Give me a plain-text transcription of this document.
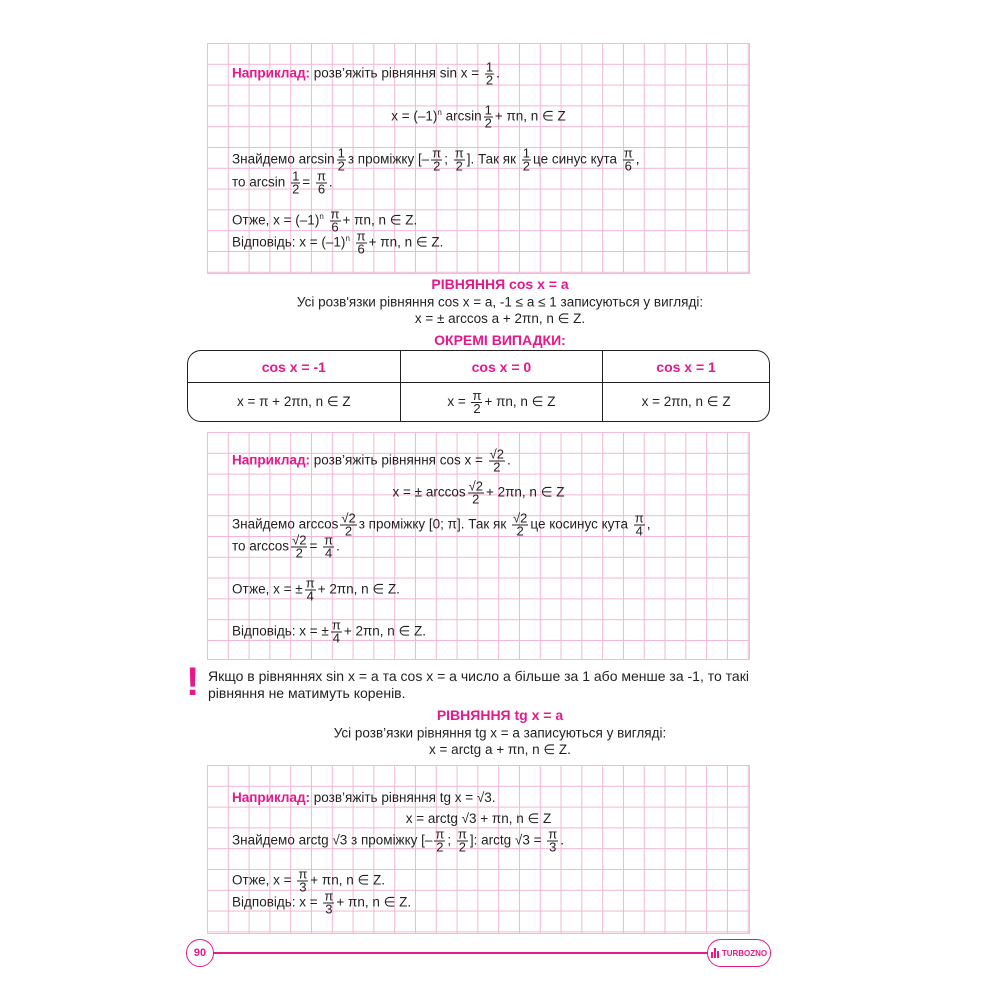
Наприклад: розв’яжіть рівняння $\sin x = \frac{1}{2}$ .
$x = (-1)^n$ $\arcsin \frac{1}{2} + \pi n$, n ∈ Z
Знайдемо $\arcsin \frac{1}{2}$ з проміжку [– $\frac{\pi}{2}$ ; $\frac{\pi}{2}$ ]. Так як $\frac{1}{2}$ це синус кута $\frac{\pi}{6}$ ,
то $\arcsin \frac{1}{2} = \frac{\pi}{6}$ .
Отже, $x = (-1)^n \frac{\pi}{6} + \pi n$, n ∈ Z.
Відповідь: $x = (-1)^n \frac{\pi}{6} + \pi n$, n ∈ Z.
РІВНЯННЯ cos x = a
Усі розв'язки рівняння cos x = a, -1 ≤ a ≤ 1 записуються у вигляді:
x = ± arccos a + 2πn, n ∈ Z.
ОКРЕМІ ВИПАДКИ:
cos x = -1	cos x = 0	cos x = 1
x = π + 2πn, n ∈ Z	$x = \frac{\pi}{2} + \pi n$, n ∈ Z	x = 2πn, n ∈ Z
Наприклад: розв’яжіть рівняння $\cos x = \frac{√2}{2}$ .
x = ± $\arccos \frac{√2}{2} + 2\pi n$, n ∈ Z
Знайдемо $\arccos \frac{√2}{2}$ з проміжку [0; π]. Так як $\frac{√2}{2}$ це косинус кута $\frac{\pi}{4}$ ,
то $\arccos \frac{√2}{2} = \frac{\pi}{4}$ .
Отже, x = ± $\frac{\pi}{4} + 2\pi n$, n ∈ Z.
Відповідь: x = ± $\frac{\pi}{4} + 2\pi n$, n ∈ Z.
! Якщо в рівняннях sin x = a та cos x = a число a більше за 1 або менше за -1, то такі рівняння не матимуть коренів.
РІВНЯННЯ tg x = a
Усі розв’язки рівняння tg x = a записуються у вигляді:
x = arctg a + πn, n ∈ Z.
Наприклад: розв’яжіть рівняння tg x = √3.
x = arctg √3 + πn, n ∈ Z
Знайдемо arctg √3 з проміжку [– $\frac{\pi}{2}$ ; $\frac{\pi}{2}$ ]: arctg $√3 = \frac{\pi}{3}$ .
Отже, $x = \frac{\pi}{3} + \pi n$, n ∈ Z.
Відповідь: $x = \frac{\pi}{3} + \pi n$, n ∈ Z.
90	TURBOZNO
